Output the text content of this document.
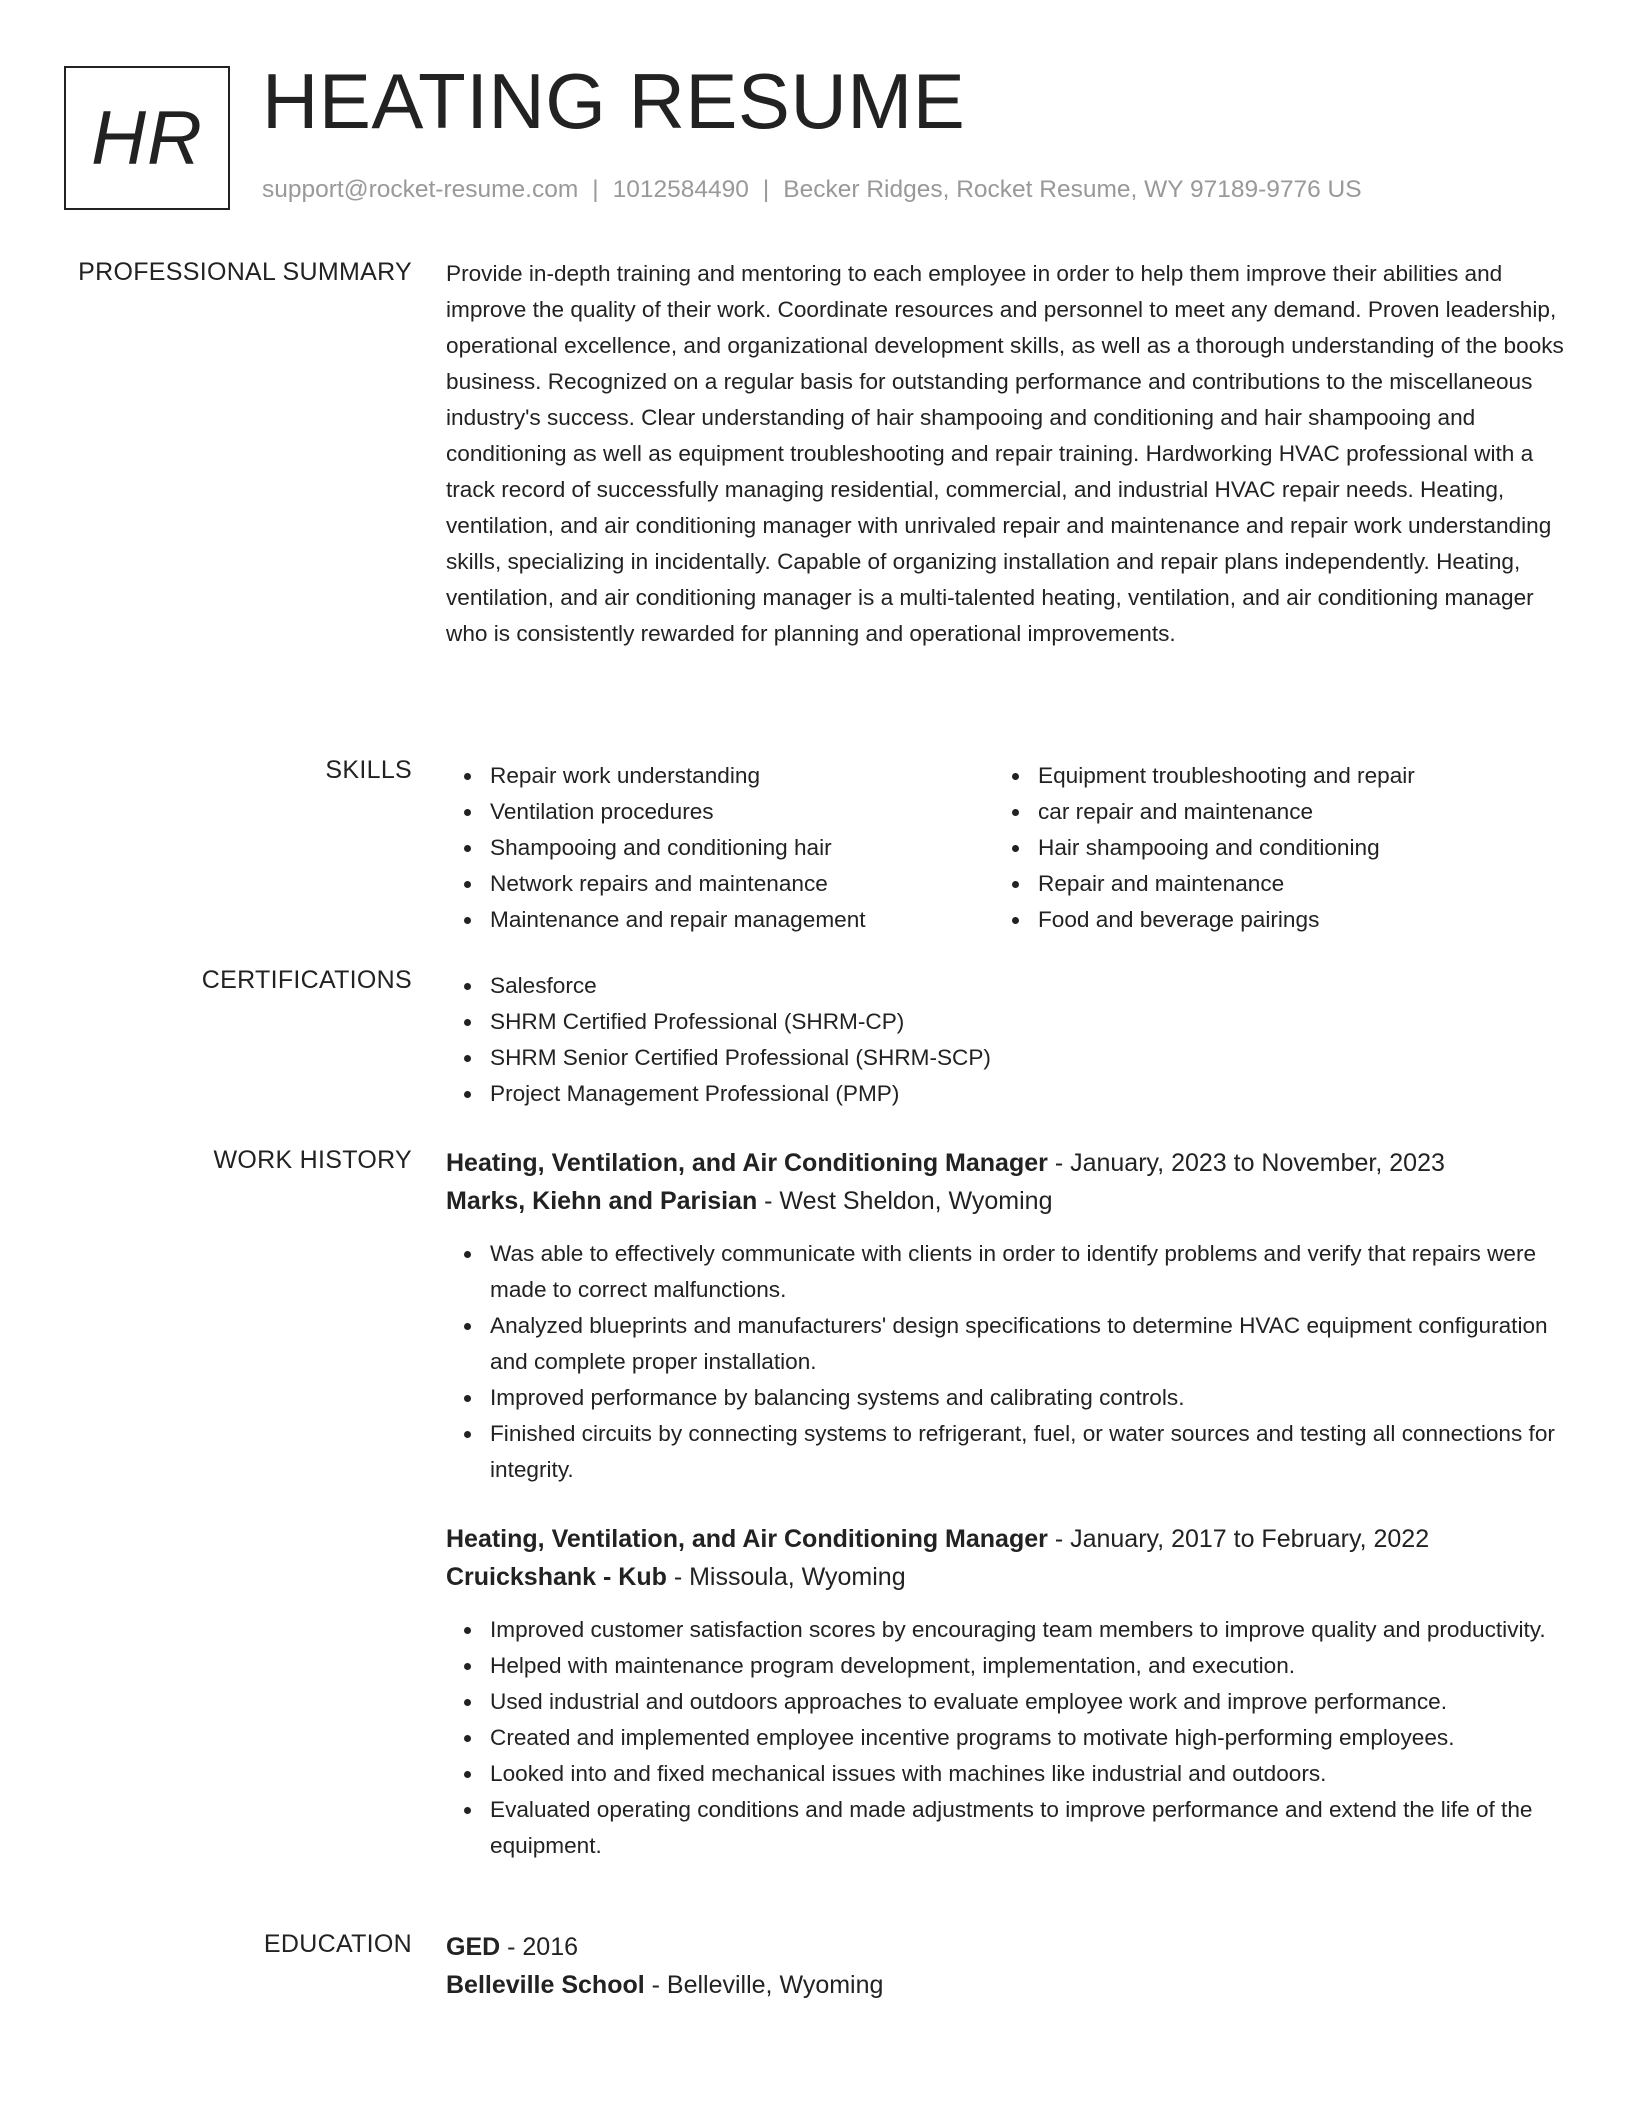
HR HEATING RESUME
support@rocket-resume.com | 1012584490 | Becker Ridges, Rocket Resume, WY 97189-9776 US
PROFESSIONAL SUMMARY Provide in-depth training and mentoring to each employee in order to help them improve their abilities and improve the quality of their work. Coordinate resources and personnel to meet any demand. Proven leadership, operational excellence, and organizational development skills, as well as a thorough understanding of the books business. Recognized on a regular basis for outstanding performance and contributions to the miscellaneous industry's success. Clear understanding of hair shampooing and conditioning and hair shampooing and conditioning as well as equipment troubleshooting and repair training. Hardworking HVAC professional with a track record of successfully managing residential, commercial, and industrial HVAC repair needs. Heating, ventilation, and air conditioning manager with unrivaled repair and maintenance and repair work understanding skills, specializing in incidentally. Capable of organizing installation and repair plans independently. Heating, ventilation, and air conditioning manager is a multi-talented heating, ventilation, and air conditioning manager who is consistently rewarded for planning and operational improvements.

SKILLS	Repair work understanding
Ventilation procedures
Shampooing and conditioning hair
Network repairs and maintenance
Maintenance and repair management
Equipment troubleshooting and repair
car repair and maintenance
Hair shampooing and conditioning
Repair and maintenance
Food and beverage pairings
CERTIFICATIONS	Salesforce
SHRM Certified Professional (SHRM-CP)
SHRM Senior Certified Professional (SHRM-SCP)
Project Management Professional (PMP)
WORK HISTORY Heating, Ventilation, and Air Conditioning Manager - January, 2023 to November, 2023
Marks, Kiehn and Parisian - West Sheldon, Wyoming
Was able to effectively communicate with clients in order to identify problems and verify that repairs were made to correct malfunctions.
Analyzed blueprints and manufacturers' design specifications to determine HVAC equipment configuration and complete proper installation.
Improved performance by balancing systems and calibrating controls.
Finished circuits by connecting systems to refrigerant, fuel, or water sources and testing all connections for integrity.
Heating, Ventilation, and Air Conditioning Manager - January, 2017 to February, 2022
Cruickshank - Kub - Missoula, Wyoming
Improved customer satisfaction scores by encouraging team members to improve quality and productivity.
Helped with maintenance program development, implementation, and execution.
Used industrial and outdoors approaches to evaluate employee work and improve performance.
Created and implemented employee incentive programs to motivate high-performing employees.
Looked into and fixed mechanical issues with machines like industrial and outdoors.
Evaluated operating conditions and made adjustments to improve performance and extend the life of the equipment.
EDUCATION GED - 2016
Belleville School - Belleville, Wyoming
